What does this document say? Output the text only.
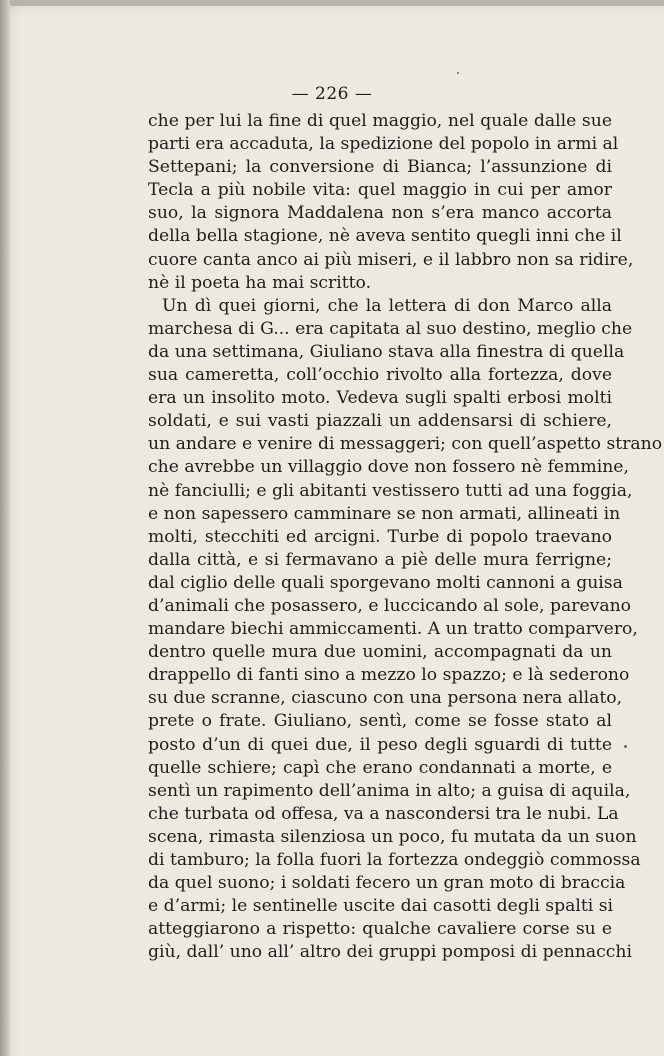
— 226 —
che per lui la fine di quel maggio, nel quale dalle sue
parti era accaduta, la spedizione del popolo in armi al
Settepani; la conversione di Bianca; l’assunzione di
Tecla a più nobile vita: quel maggio in cui per amor
suo, la signora Maddalena non s’era manco accorta
della bella stagione, nè aveva sentito quegli inni che il
cuore canta anco ai più miseri, e il labbro non sa ridire,
nè il poeta ha mai scritto.
Un dì quei giorni, che la lettera di don Marco alla
marchesa di G... era capitata al suo destino, meglio che
da una settimana, Giuliano stava alla finestra di quella
sua cameretta, coll’occhio rivolto alla fortezza, dove
era un insolito moto. Vedeva sugli spalti erbosi molti
soldati, e sui vasti piazzali un addensarsi di schiere,
un andare e venire di messaggeri; con quell’aspetto strano
che avrebbe un villaggio dove non fossero nè femmine,
nè fanciulli; e gli abitanti vestissero tutti ad una foggia,
e non sapessero camminare se non armati, allineati in
molti, stecchiti ed arcigni. Turbe di popolo traevano
dalla città, e si fermavano a piè delle mura ferrigne;
dal ciglio delle quali sporgevano molti cannoni a guisa
d’animali che posassero, e luccicando al sole, parevano
mandare biechi ammiccamenti. A un tratto comparvero,
dentro quelle mura due uomini, accompagnati da un
drappello di fanti sino a mezzo lo spazzo; e là sederono
su due scranne, ciascuno con una persona nera allato,
prete o frate. Giuliano, sentì, come se fosse stato al
posto d’un di quei due, il peso degli sguardi di tutte
quelle schiere; capì che erano condannati a morte, e
sentì un rapimento dell’anima in alto; a guisa di aquila,
che turbata od offesa, va a nascondersi tra le nubi. La
scena, rimasta silenziosa un poco, fu mutata da un suon
di tamburo; la folla fuori la fortezza ondeggiò commossa
da quel suono; i soldati fecero un gran moto di braccia
e d’armi; le sentinelle uscite dai casotti degli spalti si
atteggiarono a rispetto: qualche cavaliere corse su e
giù, dall’ uno all’ altro dei gruppi pomposi di pennacchi
